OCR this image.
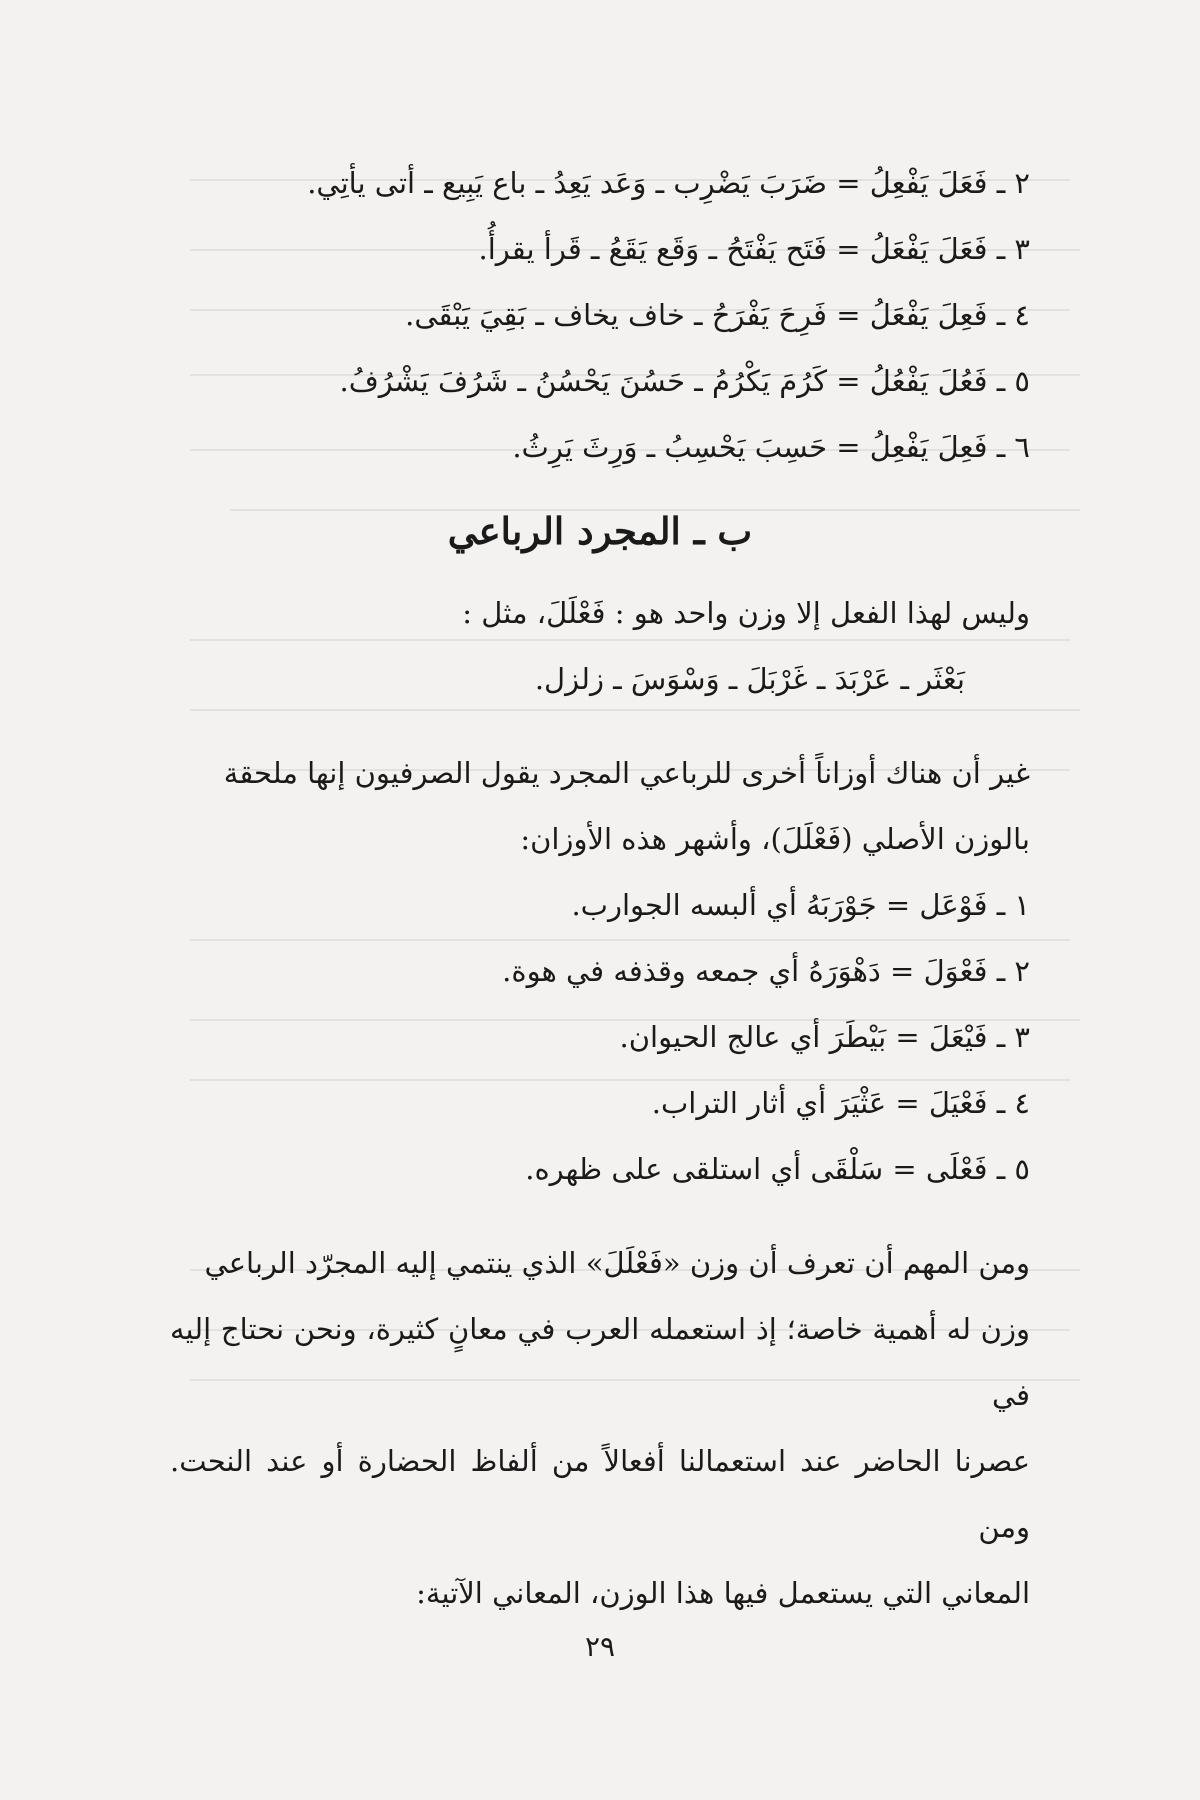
٢ ـ فَعَلَ يَفْعِلُ = ضَرَبَ يَضْرِب ـ وَعَد يَعِدُ ـ باع يَبِيع ـ أتى يأتِي.
٣ ـ فَعَلَ يَفْعَلُ = فَتَح يَفْتَحُ ـ وَقَع يَقَعُ ـ قَرأ يقرأُ.
٤ ـ فَعِلَ يَفْعَلُ = فَرِحَ يَفْرَحُ ـ خاف يخاف ـ بَقِيَ يَبْقَى.
٥ ـ فَعُلَ يَفْعُلُ = كَرُمَ يَكْرُمُ ـ حَسُنَ يَحْسُنُ ـ شَرُفَ يَشْرُفُ.
٦ ـ فَعِلَ يَفْعِلُ = حَسِبَ يَحْسِبُ ـ وَرِثَ يَرِثُ.
ب ـ المجرد الرباعي
وليس لهذا الفعل إلا وزن واحد هو : فَعْلَلَ، مثل :
بَعْثَر ـ عَرْبَدَ ـ غَرْبَلَ ـ وَسْوَسَ ـ زلزل.
غير أن هناك أوزاناً أخرى للرباعي المجرد يقول الصرفيون إنها ملحقة
بالوزن الأصلي (فَعْلَلَ)، وأشهر هذه الأوزان:
١ ـ فَوْعَل = جَوْرَبَهُ أي ألبسه الجوارب.
٢ ـ فَعْوَلَ = دَهْوَرَهُ أي جمعه وقذفه في هوة.
٣ ـ فَيْعَلَ = بَيْطَرَ أي عالج الحيوان.
٤ ـ فَعْيَلَ = عَثْيَرَ أي أثار التراب.
٥ ـ فَعْلَى = سَلْقَى أي استلقى على ظهره.
ومن المهم أن تعرف أن وزن «فَعْلَلَ» الذي ينتمي إليه المجرّد الرباعي
وزن له أهمية خاصة؛ إذ استعمله العرب في معانٍ كثيرة، ونحن نحتاج إليه في
عصرنا الحاضر عند استعمالنا أفعالاً من ألفاظ الحضارة أو عند النحت. ومن
المعاني التي يستعمل فيها هذا الوزن، المعاني الآتية:
٢٩
